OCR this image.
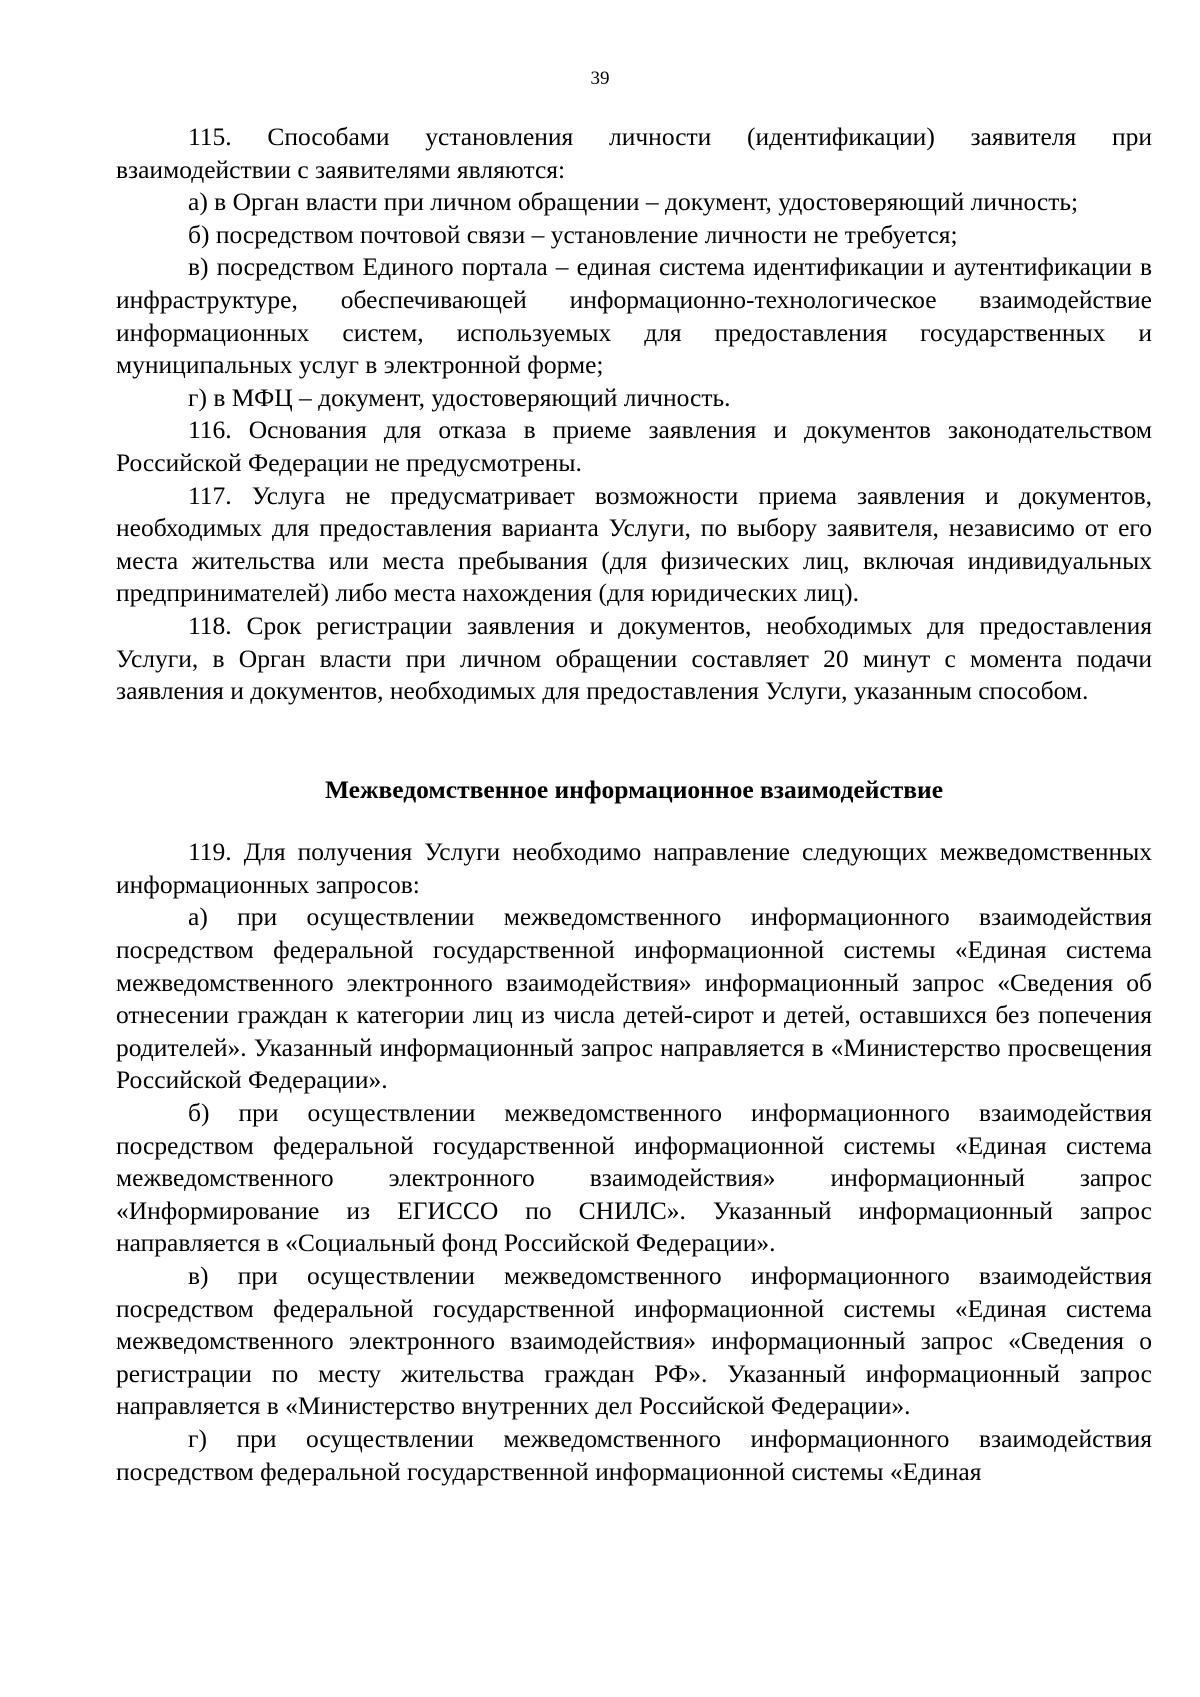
39

115. Способами установления личности (идентификации) заявителя при взаимодействии с заявителями являются:

а) в Орган власти при личном обращении – документ, удостоверяющий личность;

б) посредством почтовой связи – установление личности не требуется;

в) посредством Единого портала – единая система идентификации и аутентификации в инфраструктуре, обеспечивающей информационно-технологическое взаимодействие информационных систем, используемых для предоставления государственных и муниципальных услуг в электронной форме;

г) в МФЦ – документ, удостоверяющий личность.

116. Основания для отказа в приеме заявления и документов законодательством Российской Федерации не предусмотрены.

117. Услуга не предусматривает возможности приема заявления и документов, необходимых для предоставления варианта Услуги, по выбору заявителя, независимо от его места жительства или места пребывания (для физических лиц, включая индивидуальных предпринимателей) либо места нахождения (для юридических лиц).

118. Срок регистрации заявления и документов, необходимых для предоставления Услуги, в Орган власти при личном обращении составляет 20 минут с момента подачи заявления и документов, необходимых для предоставления Услуги, указанным способом.

Межведомственное информационное взаимодействие

119. Для получения Услуги необходимо направление следующих межведомственных информационных запросов:

а) при осуществлении межведомственного информационного взаимодействия посредством федеральной государственной информационной системы «Единая система межведомственного электронного взаимодействия» информационный запрос «Сведения об отнесении граждан к категории лиц из числа детей-сирот и детей, оставшихся без попечения родителей». Указанный информационный запрос направляется в «Министерство просвещения Российской Федерации».

б) при осуществлении межведомственного информационного взаимодействия посредством федеральной государственной информационной системы «Единая система межведомственного электронного взаимодействия» информационный запрос «Информирование из ЕГИССО по СНИЛС». Указанный информационный запрос направляется в «Социальный фонд Российской Федерации».

в) при осуществлении межведомственного информационного взаимодействия посредством федеральной государственной информационной системы «Единая система межведомственного электронного взаимодействия» информационный запрос «Сведения о регистрации по месту жительства граждан РФ». Указанный информационный запрос направляется в «Министерство внутренних дел Российской Федерации».

г) при осуществлении межведомственного информационного взаимодействия посредством федеральной государственной информационной системы «Единая
